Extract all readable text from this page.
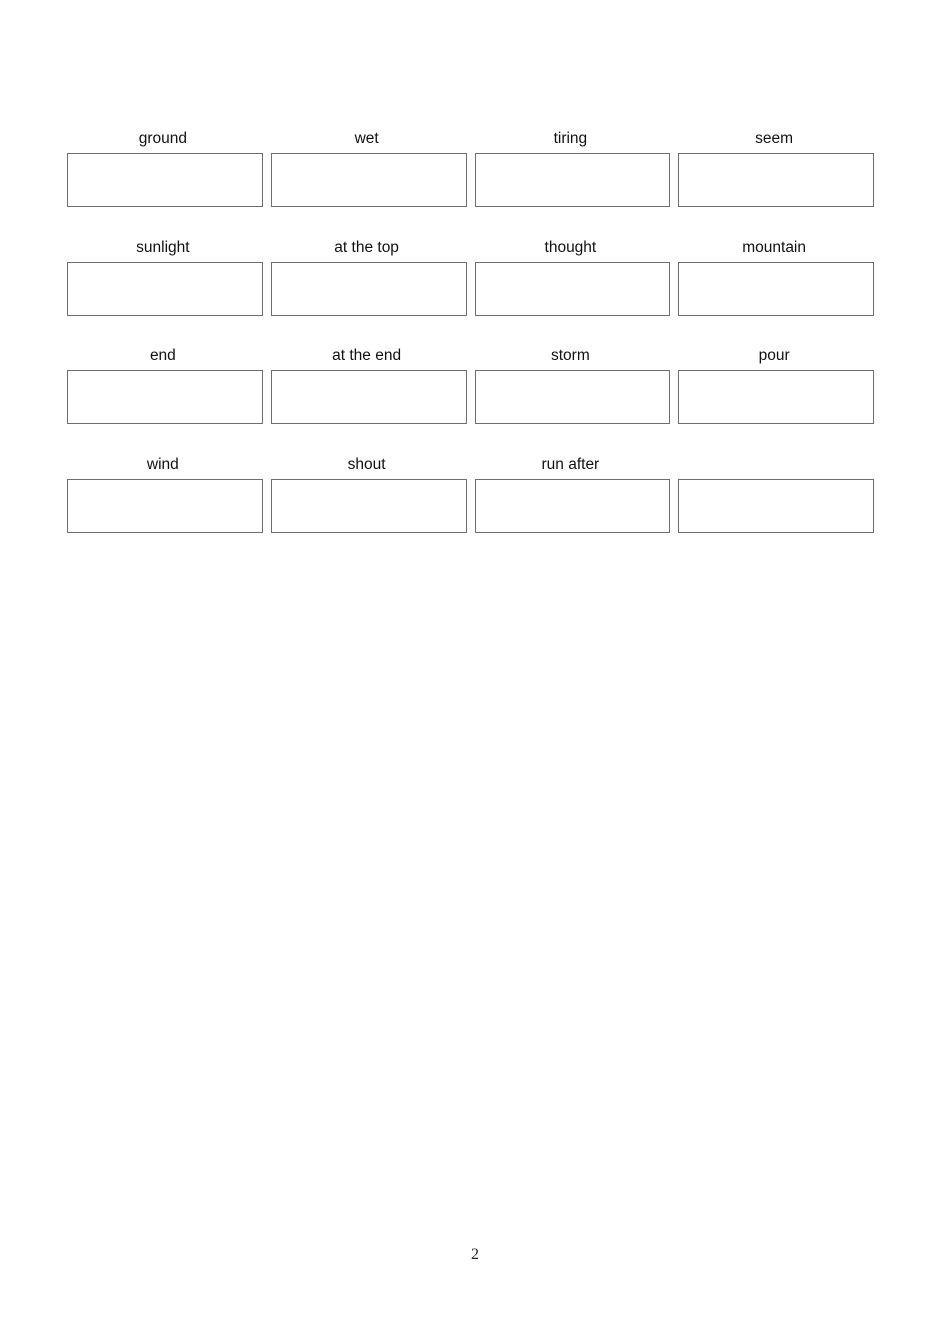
ground	wet	tiring	seem
sunlight	at the top	thought	mountain
end	at the end	storm	pour
wind	shout	run after
2
